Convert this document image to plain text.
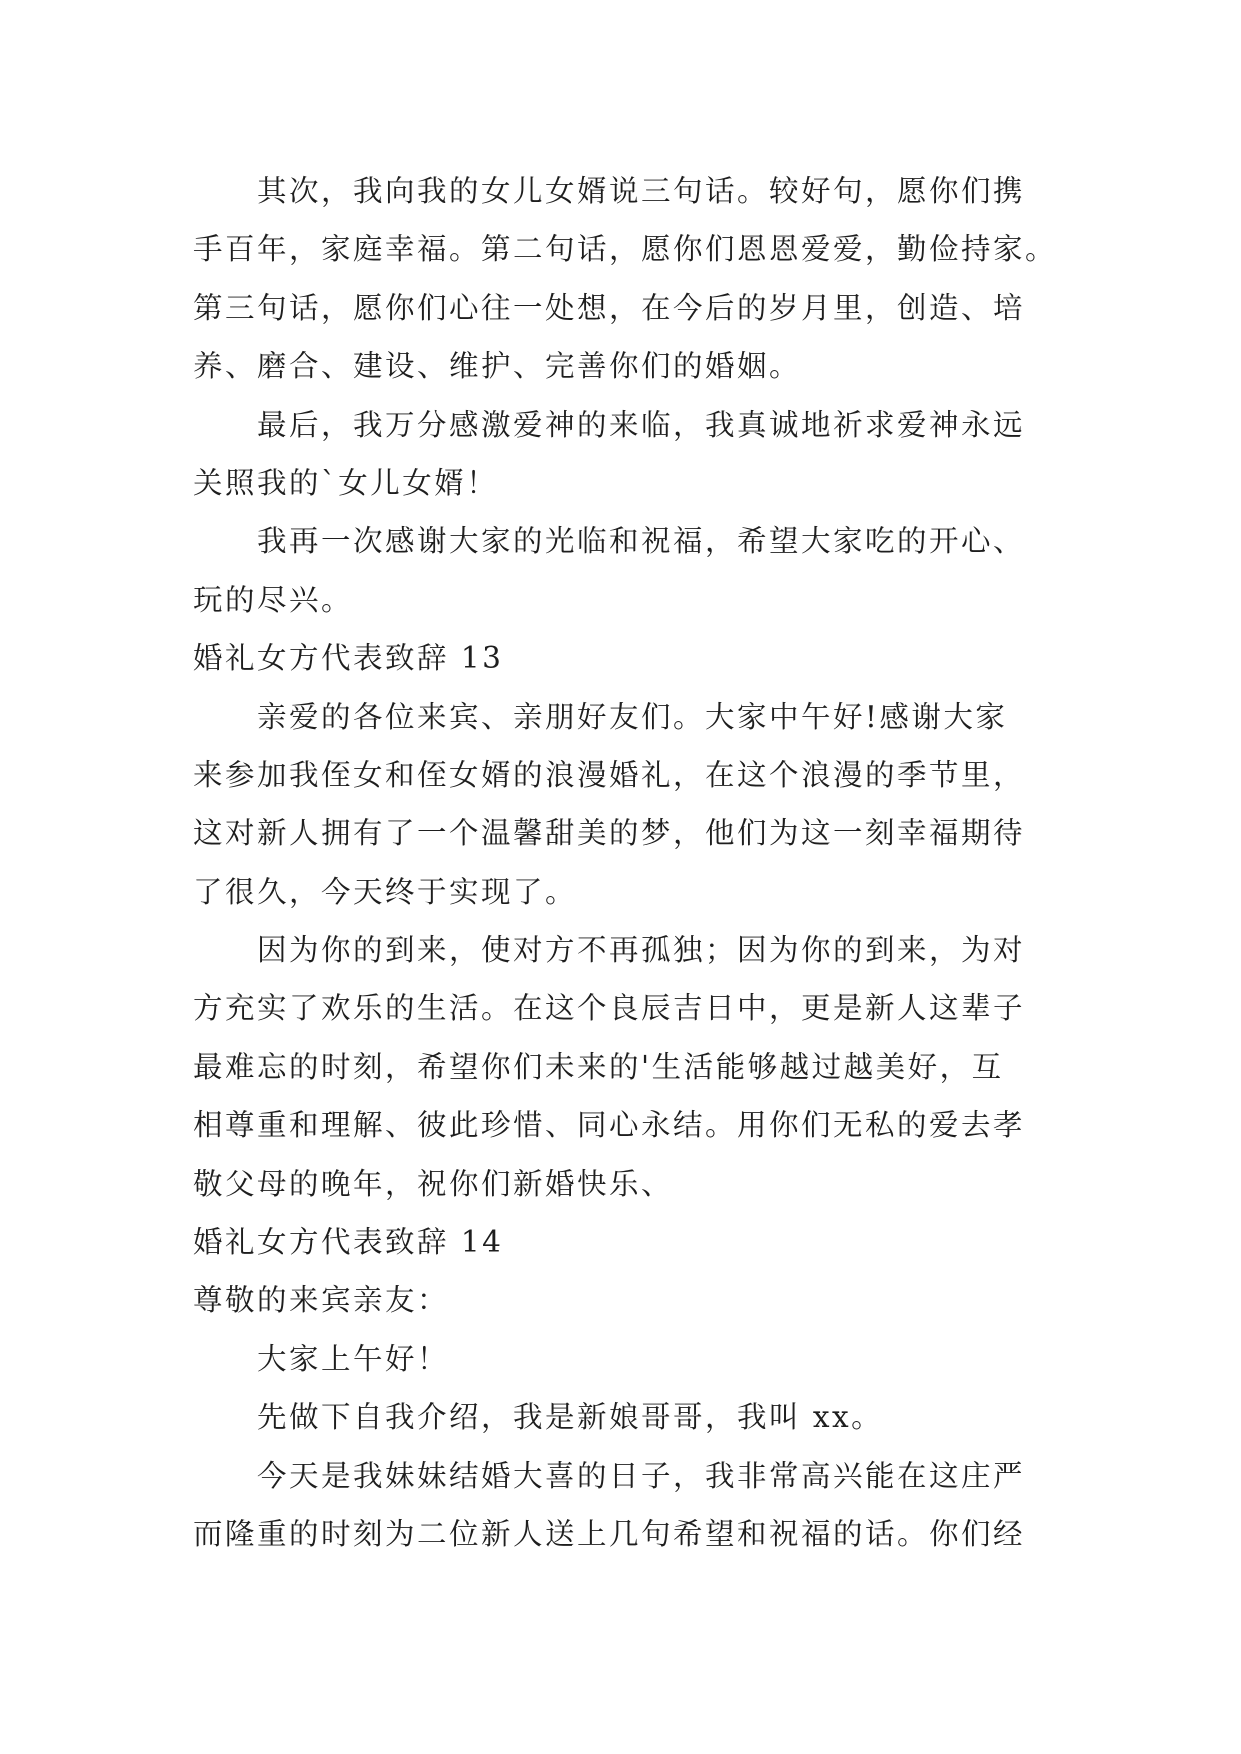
其次，我向我的女儿女婿说三句话。较好句，愿你们携
手百年，家庭幸福。第二句话，愿你们恩恩爱爱，勤俭持家。
第三句话，愿你们心往一处想，在今后的岁月里，创造、培
养、磨合、建设、维护、完善你们的婚姻。
最后，我万分感激爱神的来临，我真诚地祈求爱神永远
关照我的`女儿女婿！
我再一次感谢大家的光临和祝福，希望大家吃的开心、
玩的尽兴。
婚礼女方代表致辞 13
亲爱的各位来宾、亲朋好友们。大家中午好!感谢大家
来参加我侄女和侄女婿的浪漫婚礼，在这个浪漫的季节里，
这对新人拥有了一个温馨甜美的梦，他们为这一刻幸福期待
了很久，今天终于实现了。
因为你的到来，使对方不再孤独；因为你的到来，为对
方充实了欢乐的生活。在这个良辰吉日中，更是新人这辈子
最难忘的时刻，希望你们未来的'生活能够越过越美好，互
相尊重和理解、彼此珍惜、同心永结。用你们无私的爱去孝
敬父母的晚年，祝你们新婚快乐、
婚礼女方代表致辞 14
尊敬的来宾亲友：
大家上午好！
先做下自我介绍，我是新娘哥哥，我叫 xx。
今天是我妹妹结婚大喜的日子，我非常高兴能在这庄严
而隆重的时刻为二位新人送上几句希望和祝福的话。你们经
